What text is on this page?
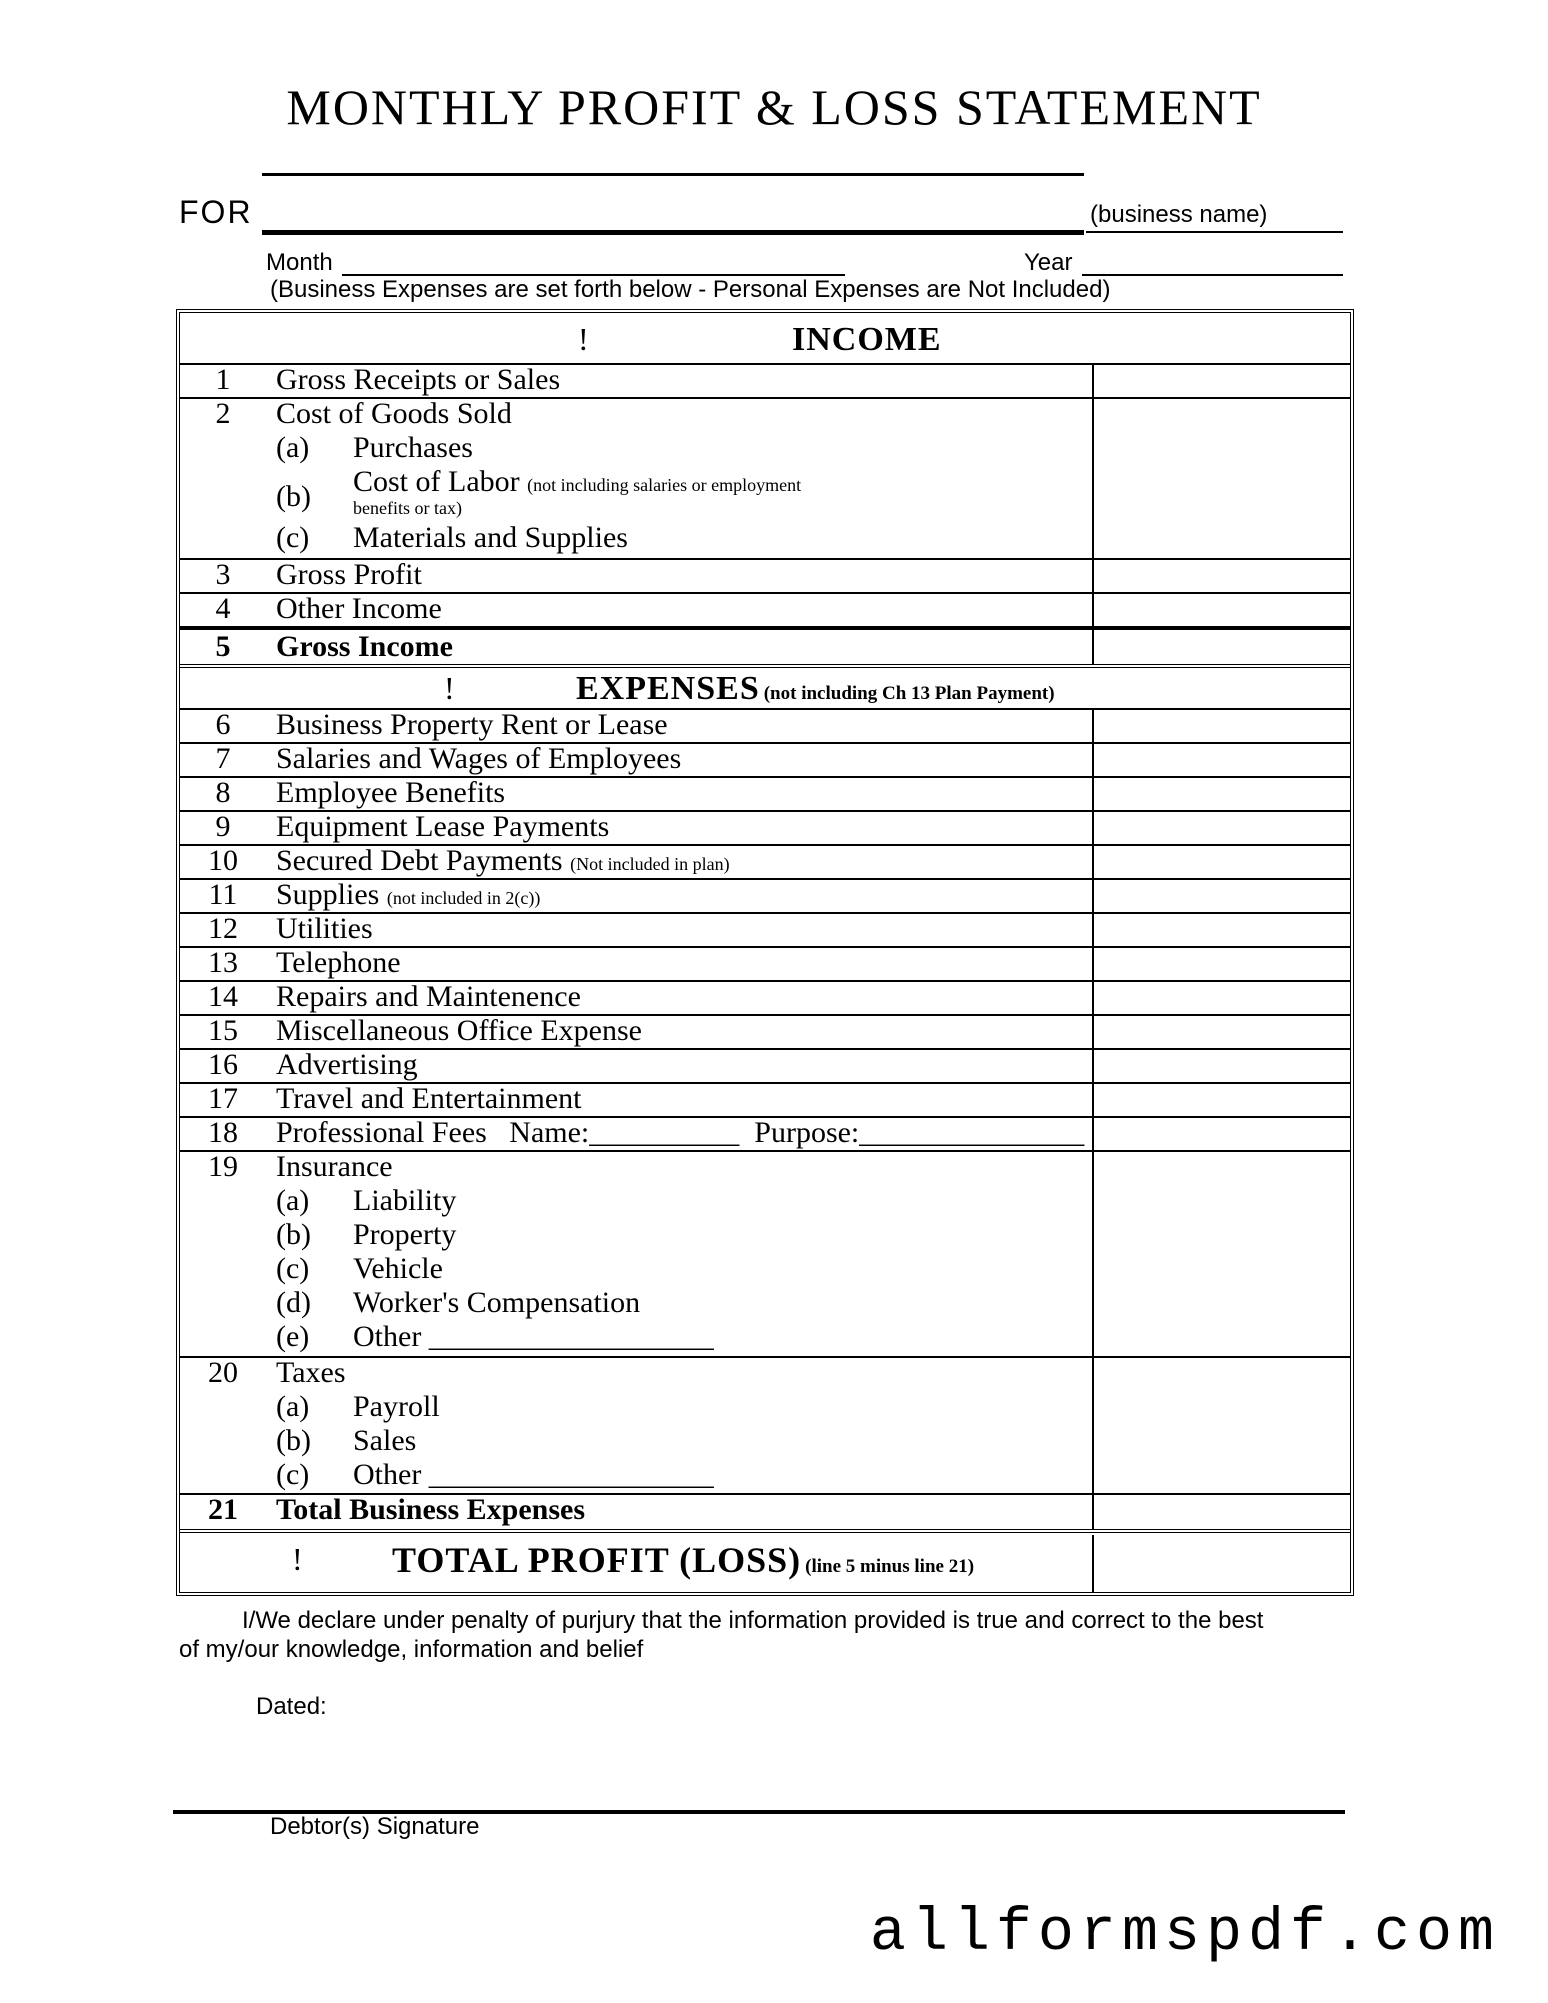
MONTHLY PROFIT & LOSS STATEMENT
FOR	(business name)
Month	Year
(Business Expenses are set forth below - Personal Expenses are Not Included)
!	INCOME
1	Gross Receipts or Sales
2	Cost of Goods Sold
(a) Purchases
Cost of Labor (not including salaries or employment
(b) benefits or tax)
(c) Materials and Supplies
3	Gross Profit
4	Other Income
5	Gross Income
!	EXPENSES (not including Ch 13 Plan Payment)
6	Business Property Rent or Lease
7	Salaries and Wages of Employees
8	Employee Benefits
9	Equipment Lease Payments
10	Secured Debt Payments (Not included in plan)
11	Supplies (not included in 2(c))
12	Utilities
13	Telephone
14	Repairs and Maintenence
15	Miscellaneous Office Expense
16	Advertising
17	Travel and Entertainment
18	Professional Fees   Name:__________  Purpose:_______________
19	Insurance
(a) Liability
(b) Property
(c) Vehicle
(d) Worker's Compensation
(e) Other ___________________
20	Taxes
(a) Payroll
(b) Sales
(c) Other ___________________
21	Total Business Expenses
! TOTAL PROFIT (LOSS) (line 5 minus line 21)
I/We declare under penalty of purjury that the information provided is true and correct to the best
of my/our knowledge, information and belief
Dated:
Debtor(s) Signature
allformspdf.com
